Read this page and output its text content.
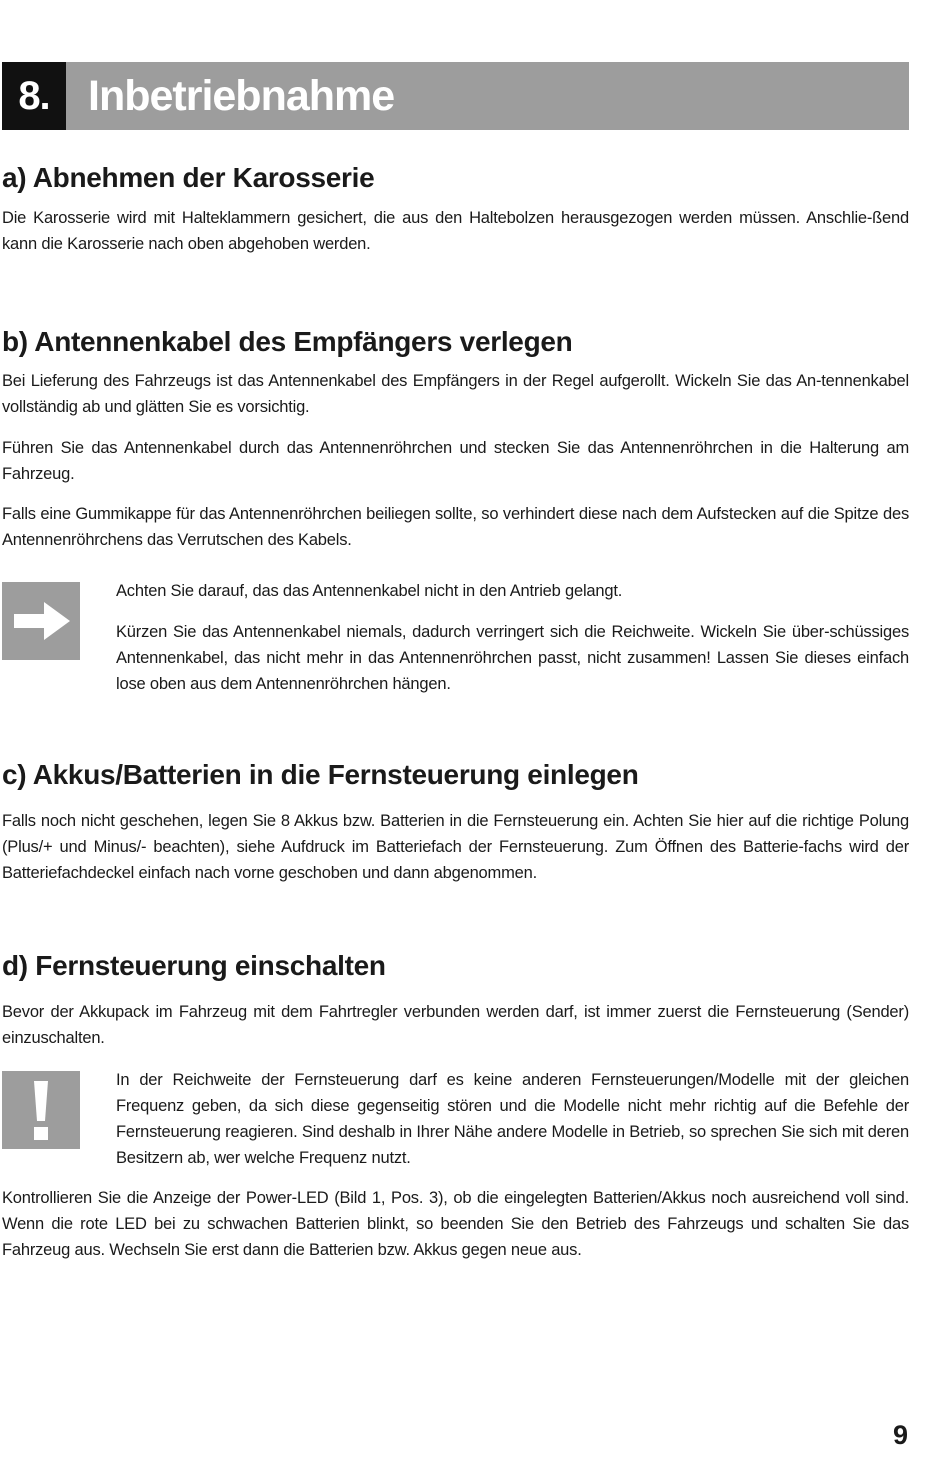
8. Inbetriebnahme
a) Abnehmen der Karosserie

Die Karosserie wird mit Halteklammern gesichert, die aus den Haltebolzen herausgezogen werden müssen. Anschlie-ßend kann die Karosserie nach oben abgehoben werden.

b) Antennenkabel des Empfängers verlegen

Bei Lieferung des Fahrzeugs ist das Antennenkabel des Empfängers in der Regel aufgerollt. Wickeln Sie das An-tennenkabel vollständig ab und glätten Sie es vorsichtig.

Führen Sie das Antennenkabel durch das Antennenröhrchen und stecken Sie das Antennenröhrchen in die Halterung am Fahrzeug.

Falls eine Gummikappe für das Antennenröhrchen beiliegen sollte, so verhindert diese nach dem Aufstecken auf die Spitze des Antennenröhrchens das Verrutschen des Kabels.

Achten Sie darauf, das das Antennenkabel nicht in den Antrieb gelangt.

Kürzen Sie das Antennenkabel niemals, dadurch verringert sich die Reichweite. Wickeln Sie über-schüssiges Antennenkabel, das nicht mehr in das Antennenröhrchen passt, nicht zusammen! Lassen Sie dieses einfach lose oben aus dem Antennenröhrchen hängen.

c) Akkus/Batterien in die Fernsteuerung einlegen

Falls noch nicht geschehen, legen Sie 8 Akkus bzw. Batterien in die Fernsteuerung ein. Achten Sie hier auf die richtige Polung (Plus/+ und Minus/- beachten), siehe Aufdruck im Batteriefach der Fernsteuerung. Zum Öffnen des Batterie-fachs wird der Batteriefachdeckel einfach nach vorne geschoben und dann abgenommen.

d) Fernsteuerung einschalten

Bevor der Akkupack im Fahrzeug mit dem Fahrtregler verbunden werden darf, ist immer zuerst die Fernsteuerung (Sender) einzuschalten.

In der Reichweite der Fernsteuerung darf es keine anderen Fernsteuerungen/Modelle mit der gleichen Frequenz geben, da sich diese gegenseitig stören und die Modelle nicht mehr richtig auf die Befehle der Fernsteuerung reagieren. Sind deshalb in Ihrer Nähe andere Modelle in Betrieb, so sprechen Sie sich mit deren Besitzern ab, wer welche Frequenz nutzt.

Kontrollieren Sie die Anzeige der Power-LED (Bild 1, Pos. 3), ob die eingelegten Batterien/Akkus noch ausreichend voll sind. Wenn die rote LED bei zu schwachen Batterien blinkt, so beenden Sie den Betrieb des Fahrzeugs und schalten Sie das Fahrzeug aus. Wechseln Sie erst dann die Batterien bzw. Akkus gegen neue aus.

9
